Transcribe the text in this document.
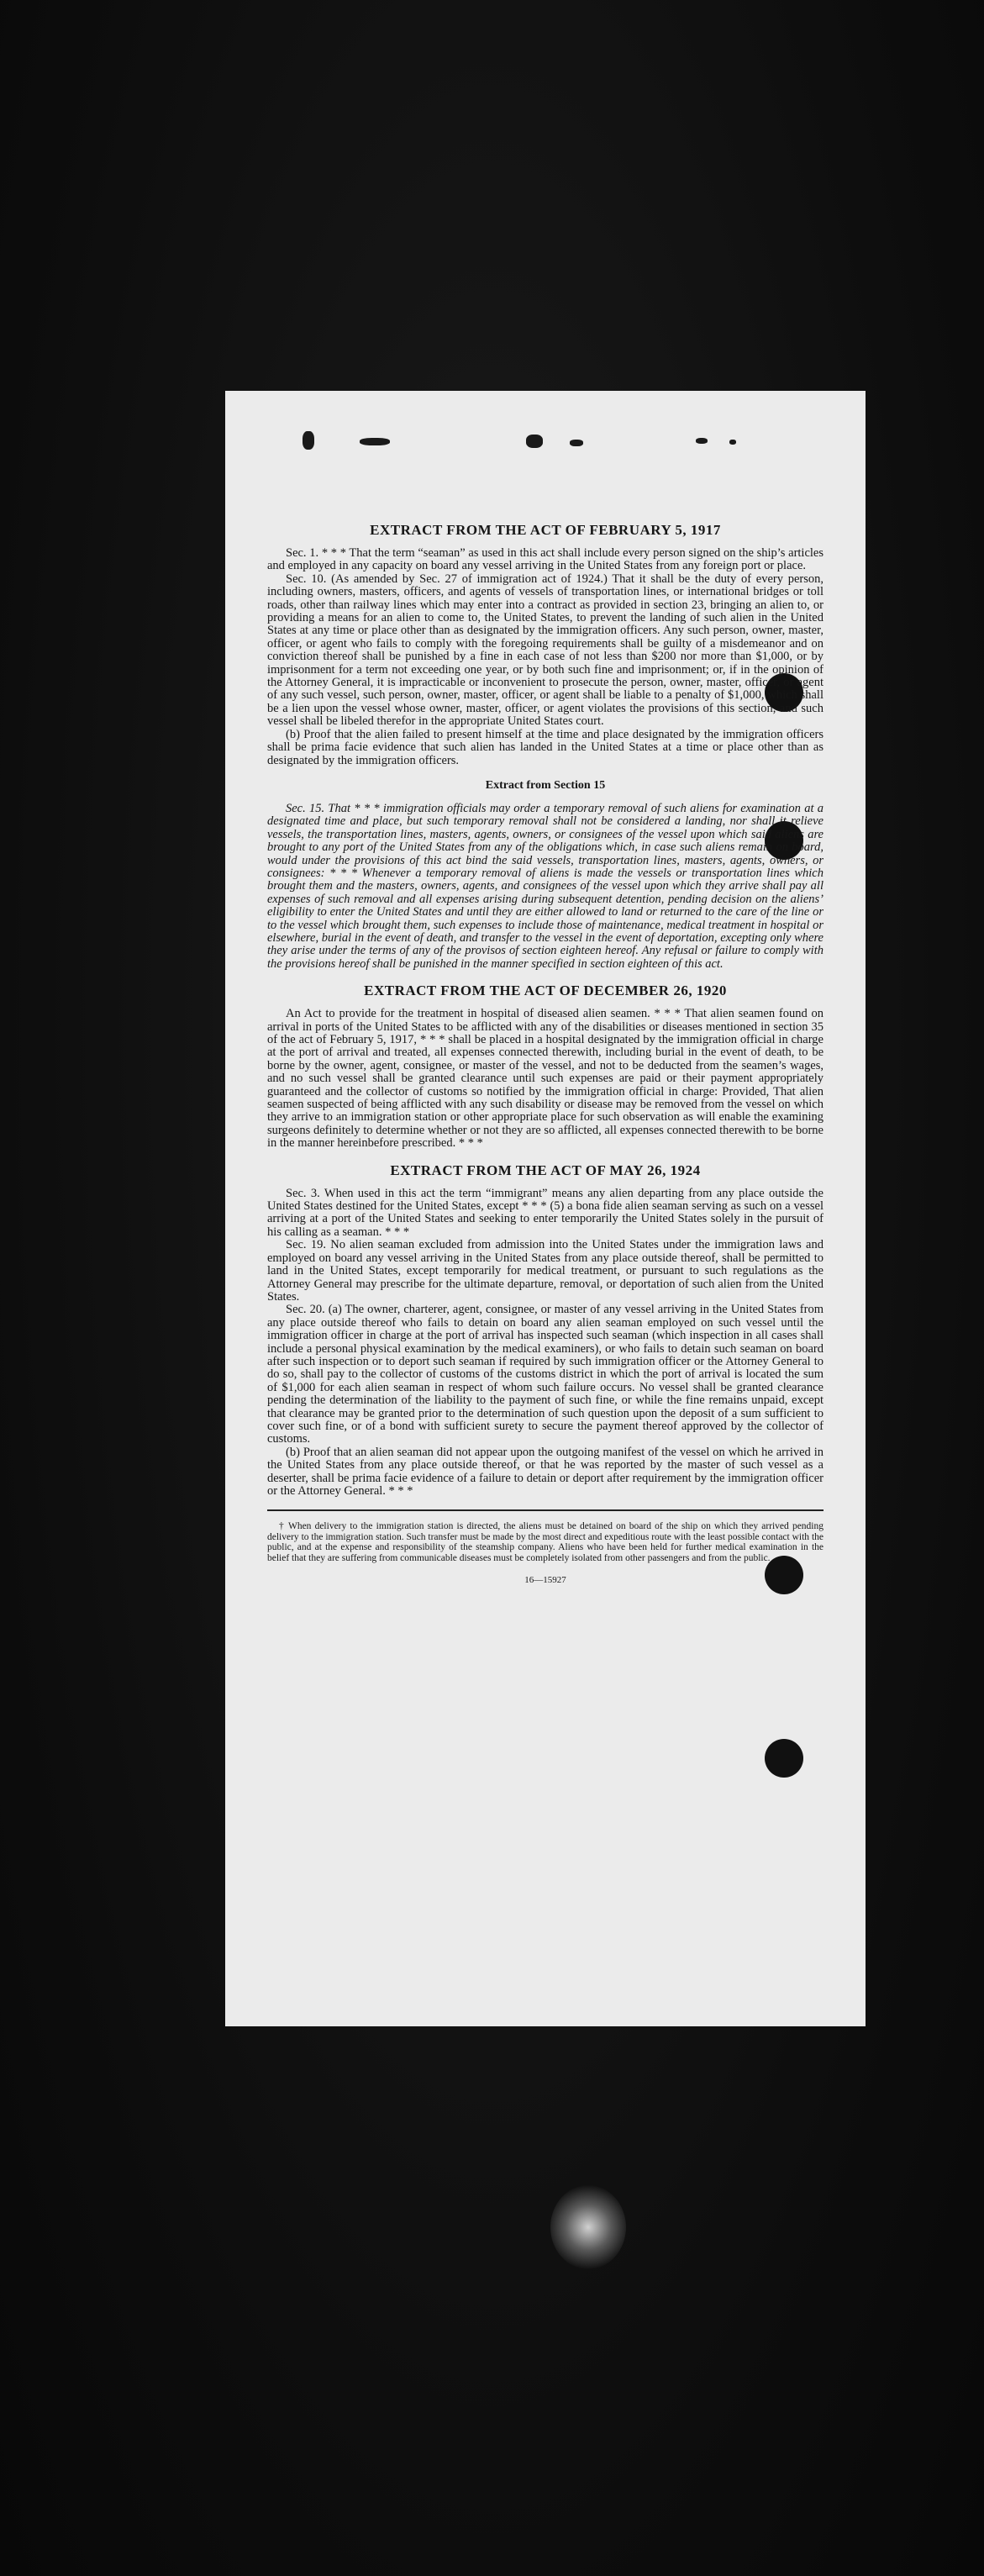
EXTRACT FROM THE ACT OF FEBRUARY 5, 1917

Sec. 1. * * * That the term “seaman” as used in this act shall include every person signed on the ship’s articles and employed in any capacity on board any vessel arriving in the United States from any foreign port or place.

Sec. 10. (As amended by Sec. 27 of immigration act of 1924.) That it shall be the duty of every person, including owners, masters, officers, and agents of vessels of transportation lines, or international bridges or toll roads, other than railway lines which may enter into a contract as provided in section 23, bringing an alien to, or providing a means for an alien to come to, the United States, to prevent the landing of such alien in the United States at any time or place other than as designated by the immigration officers. Any such person, owner, master, officer, or agent who fails to comply with the foregoing requirements shall be guilty of a misdemeanor and on conviction thereof shall be punished by a fine in each case of not less than $200 nor more than $1,000, or by imprisonment for a term not exceeding one year, or by both such fine and imprisonment; or, if in the opinion of the Attorney General, it is impracticable or inconvenient to prosecute the person, owner, master, officer, or agent of any such vessel, such person, owner, master, officer, or agent shall be liable to a penalty of $1,000, which shall be a lien upon the vessel whose owner, master, officer, or agent violates the provisions of this section, and such vessel shall be libeled therefor in the appropriate United States court.

(b) Proof that the alien failed to present himself at the time and place designated by the immigration officers shall be prima facie evidence that such alien has landed in the United States at a time or place other than as designated by the immigration officers.

Extract from Section 15

Sec. 15. That * * * immigration officials may order a temporary removal of such aliens for examination at a designated time and place, but such temporary removal shall not be considered a landing, nor shall it relieve vessels, the transportation lines, masters, agents, owners, or consignees of the vessel upon which said aliens are brought to any port of the United States from any of the obligations which, in case such aliens remain on board, would under the provisions of this act bind the said vessels, transportation lines, masters, agents, owners, or consignees: * * * Whenever a temporary removal of aliens is made the vessels or transportation lines which brought them and the masters, owners, agents, and consignees of the vessel upon which they arrive shall pay all expenses of such removal and all expenses arising during subsequent detention, pending decision on the aliens’ eligibility to enter the United States and until they are either allowed to land or returned to the care of the line or to the vessel which brought them, such expenses to include those of maintenance, medical treatment in hospital or elsewhere, burial in the event of death, and transfer to the vessel in the event of deportation, excepting only where they arise under the terms of any of the provisos of section eighteen hereof. Any refusal or failure to comply with the provisions hereof shall be punished in the manner specified in section eighteen of this act.

EXTRACT FROM THE ACT OF DECEMBER 26, 1920

An Act to provide for the treatment in hospital of diseased alien seamen. * * * That alien seamen found on arrival in ports of the United States to be afflicted with any of the disabilities or diseases mentioned in section 35 of the act of February 5, 1917, * * * shall be placed in a hospital designated by the immigration official in charge at the port of arrival and treated, all expenses connected therewith, including burial in the event of death, to be borne by the owner, agent, consignee, or master of the vessel, and not to be deducted from the seamen’s wages, and no such vessel shall be granted clearance until such expenses are paid or their payment appropriately guaranteed and the collector of customs so notified by the immigration official in charge: Provided, That alien seamen suspected of being afflicted with any such disability or disease may be removed from the vessel on which they arrive to an immigration station or other appropriate place for such observation as will enable the examining surgeons definitely to determine whether or not they are so afflicted, all expenses connected therewith to be borne in the manner hereinbefore prescribed. * * *

EXTRACT FROM THE ACT OF MAY 26, 1924

Sec. 3. When used in this act the term “immigrant” means any alien departing from any place outside the United States destined for the United States, except * * * (5) a bona fide alien seaman serving as such on a vessel arriving at a port of the United States and seeking to enter temporarily the United States solely in the pursuit of his calling as a seaman. * * *

Sec. 19. No alien seaman excluded from admission into the United States under the immigration laws and employed on board any vessel arriving in the United States from any place outside thereof, shall be permitted to land in the United States, except temporarily for medical treatment, or pursuant to such regulations as the Attorney General may prescribe for the ultimate departure, removal, or deportation of such alien from the United States.

Sec. 20. (a) The owner, charterer, agent, consignee, or master of any vessel arriving in the United States from any place outside thereof who fails to detain on board any alien seaman employed on such vessel until the immigration officer in charge at the port of arrival has inspected such seaman (which inspection in all cases shall include a personal physical examination by the medical examiners), or who fails to detain such seaman on board after such inspection or to deport such seaman if required by such immigration officer or the Attorney General to do so, shall pay to the collector of customs of the customs district in which the port of arrival is located the sum of $1,000 for each alien seaman in respect of whom such failure occurs. No vessel shall be granted clearance pending the determination of the liability to the payment of such fine, or while the fine remains unpaid, except that clearance may be granted prior to the determination of such question upon the deposit of a sum sufficient to cover such fine, or of a bond with sufficient surety to secure the payment thereof approved by the collector of customs.

(b) Proof that an alien seaman did not appear upon the outgoing manifest of the vessel on which he arrived in the United States from any place outside thereof, or that he was reported by the master of such vessel as a deserter, shall be prima facie evidence of a failure to detain or deport after requirement by the immigration officer or the Attorney General. * * *

† When delivery to the immigration station is directed, the aliens must be detained on board of the ship on which they arrived pending delivery to the immigration station. Such transfer must be made by the most direct and expeditious route with the least possible contact with the public, and at the expense and responsibility of the steamship company. Aliens who have been held for further medical examination in the belief that they are suffering from communicable diseases must be completely isolated from other passengers and from the public.

16—15927
